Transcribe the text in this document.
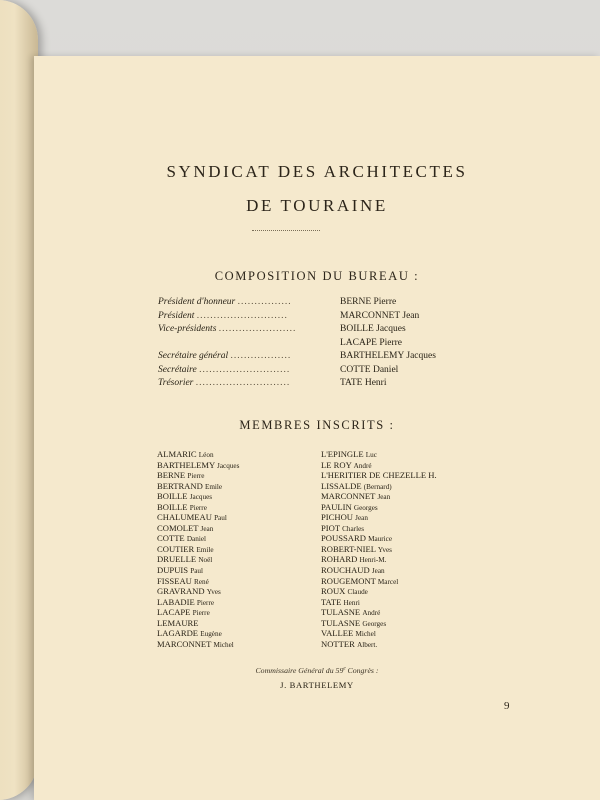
SYNDICAT DES ARCHITECTES
DE TOURAINE
COMPOSITION DU BUREAU :
Président d'honneur ................	BERNE Pierre
Président ...........................	MARCONNET Jean
Vice-présidents .......................	BOILLE Jacques
LACAPE Pierre
Secrétaire général ..................	BARTHELEMY Jacques
Secrétaire ...........................	COTTE Daniel
Trésorier ............................	TATE Henri
MEMBRES INSCRITS :
ALMARIC Léon
BARTHELEMY Jacques
BERNE Pierre
BERTRAND Emile
BOILLE Jacques
BOILLE Pierre
CHALUMEAU Paul
COMOLET Jean
COTTE Daniel
COUTIER Emile
DRUELLE Noël
DUPUIS Paul
FISSEAU René
GRAVRAND Yves
LABADIE Pierre
LACAPE Pierre
LEMAURE
LAGARDE Eugène
MARCONNET Michel
L'EPINGLE Luc
LE ROY André
L'HERITIER DE CHEZELLE H.
LISSALDE (Bernard)
MARCONNET Jean
PAULIN Georges
PICHOU Jean
PIOT Charles
POUSSARD Maurice
ROBERT-NIEL Yves
ROHARD Henri-M.
ROUCHAUD Jean
ROUGEMONT Marcel
ROUX Claude
TATE Henri
TULASNE André
TULASNE Georges
VALLEE Michel
NOTTER Albert.
Commissaire Général du 59e Congrès :
J. BARTHELEMY
9
